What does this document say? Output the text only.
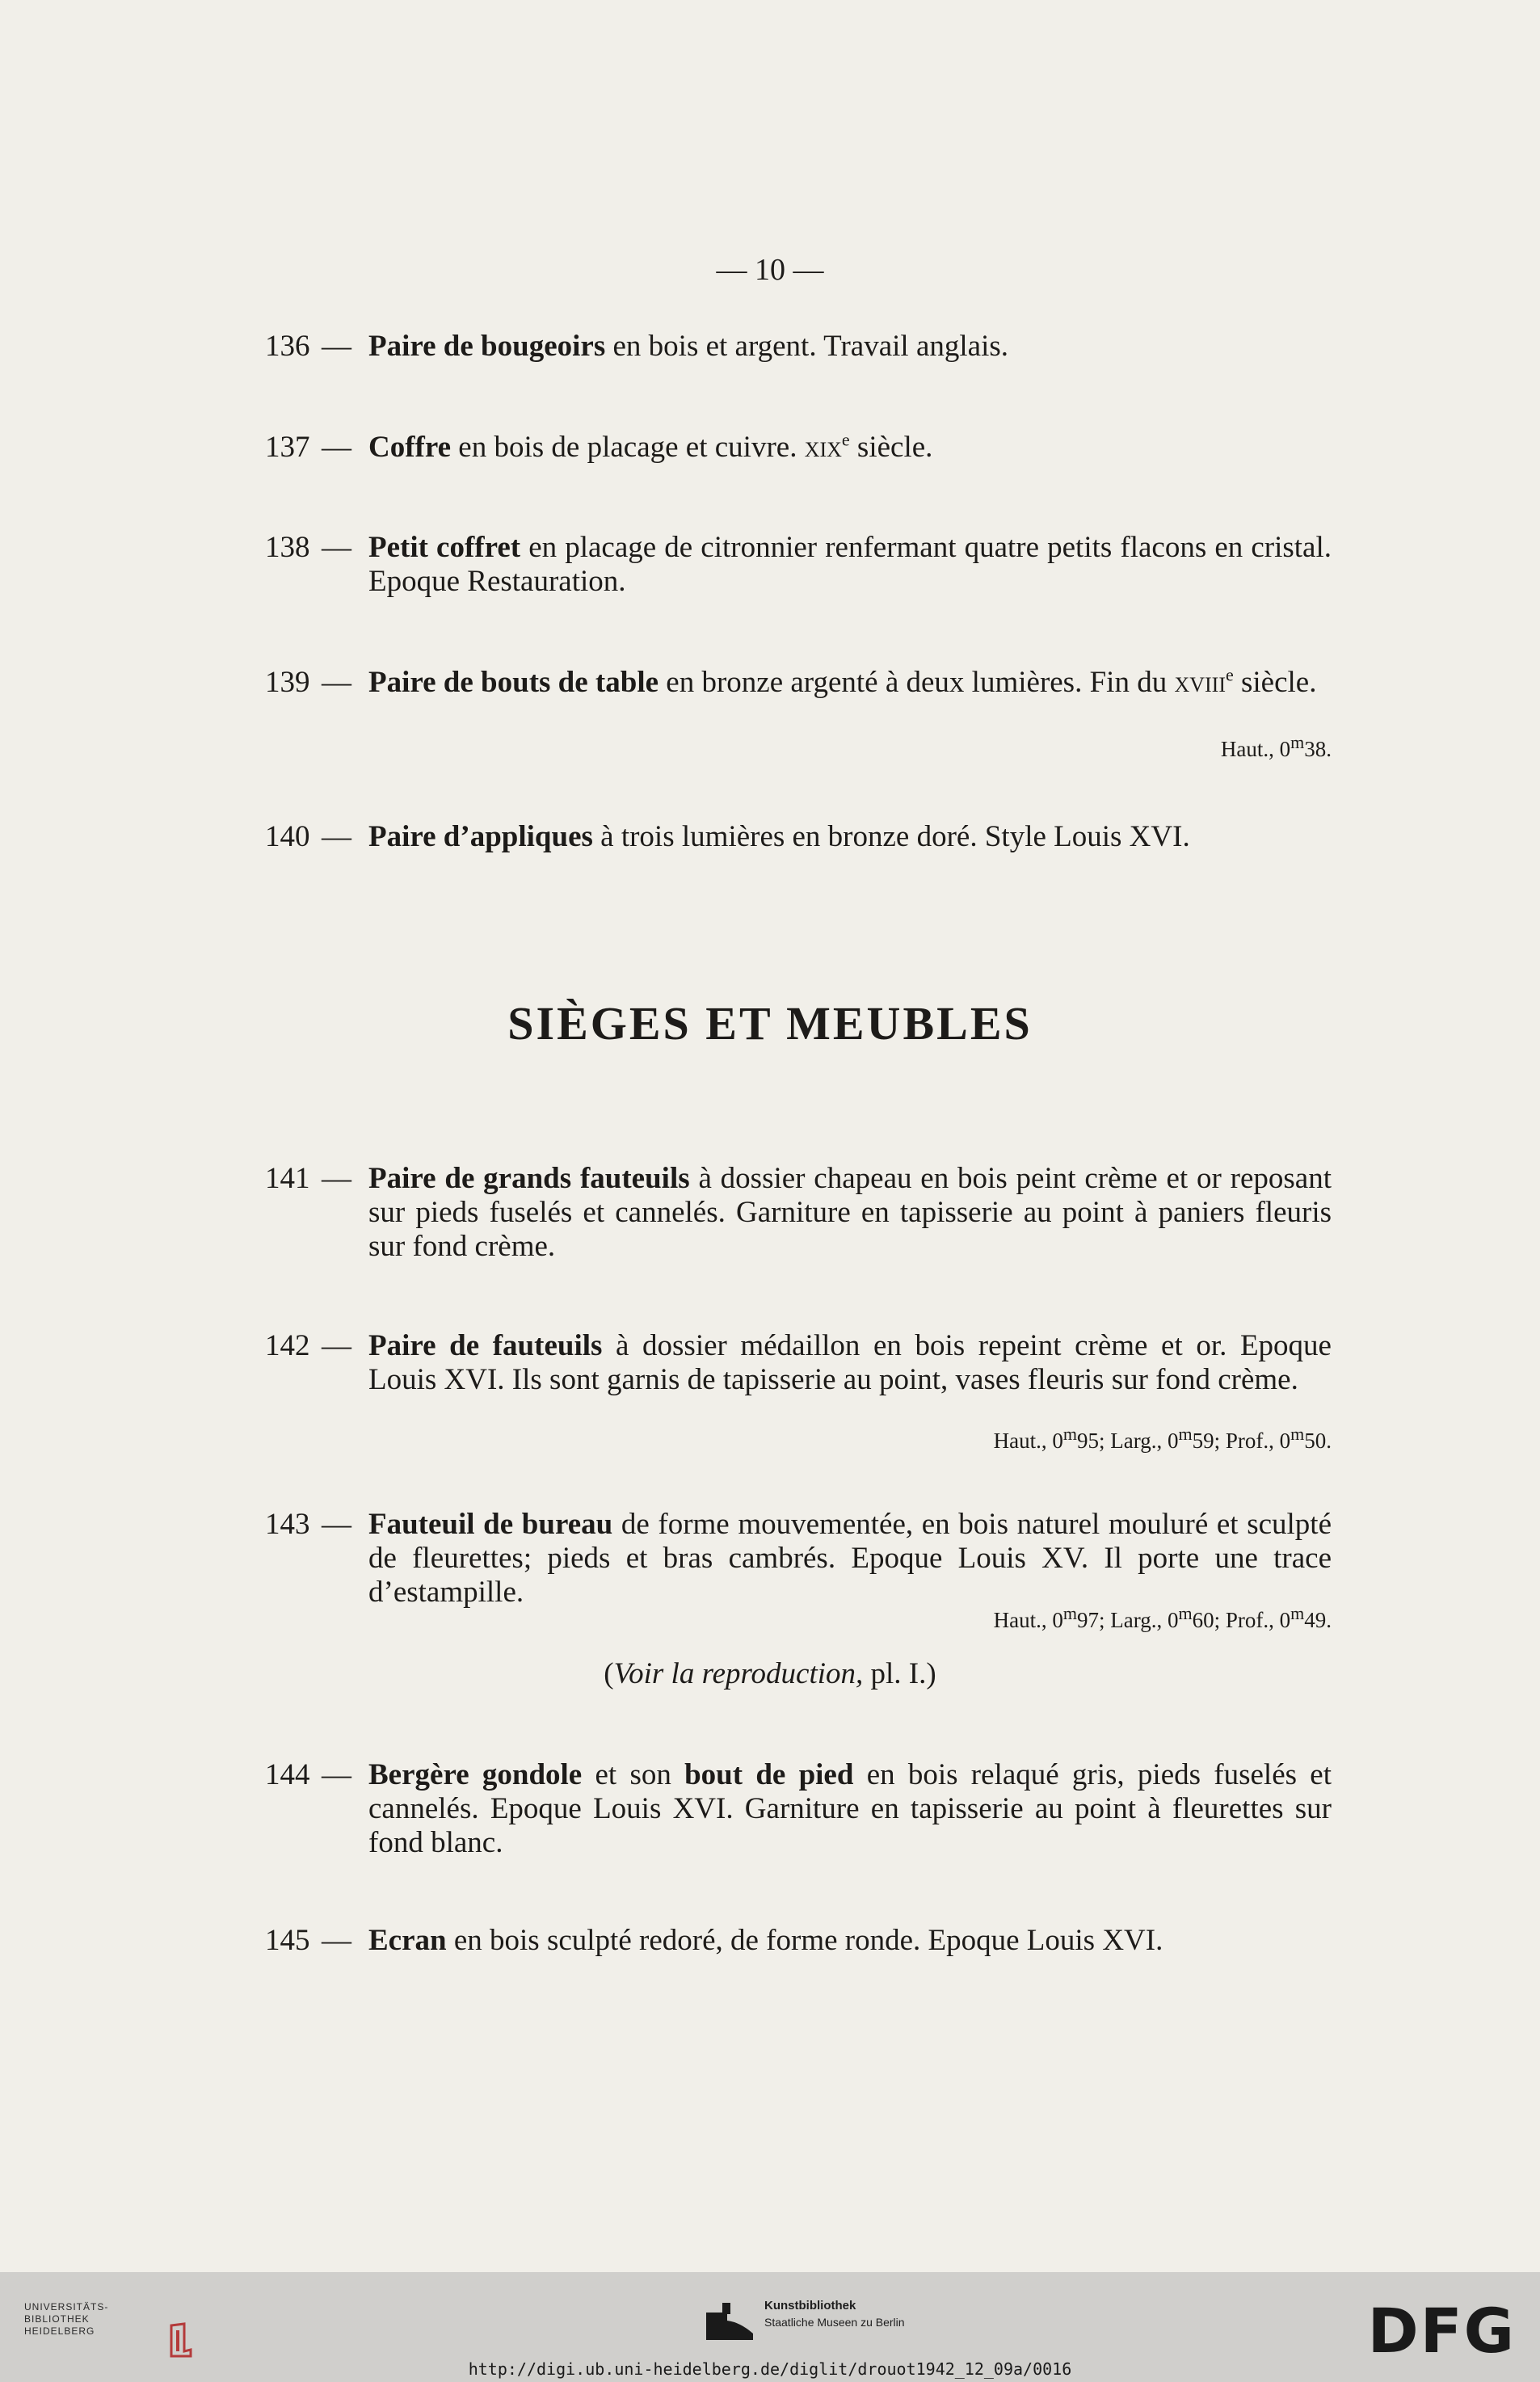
— 10 —

136 — Paire de bougeoirs en bois et argent. Travail anglais.

137 — Coffre en bois de placage et cuivre. xix$^e$ siècle.

138 — Petit coffret en placage de citronnier renfermant quatre petits flacons en cristal. Epoque Restauration.

139 — Paire de bouts de table en bronze argenté à deux lumières. Fin du xviii$^e$ siècle.

Haut., 0$^m$38.

140 — Paire d’appliques à trois lumières en bronze doré. Style Louis XVI.

SIÈGES ET MEUBLES

141 — Paire de grands fauteuils à dossier chapeau en bois peint crème et or reposant sur pieds fuselés et cannelés. Garniture en tapisserie au point à paniers fleuris sur fond crème.

142 — Paire de fauteuils à dossier médaillon en bois repeint crème et or. Epoque Louis XVI. Ils sont garnis de tapisserie au point, vases fleuris sur fond crème.

Haut., 0$^m$95; Larg., 0$^m$59; Prof., 0$^m$50.

143 — Fauteuil de bureau de forme mouvementée, en bois naturel mouluré et sculpté de fleurettes; pieds et bras cambrés. Epoque Louis XV. Il porte une trace d’estampille.

Haut., 0$^m$97; Larg., 0$^m$60; Prof., 0$^m$49.
(Voir la reproduction, pl. I.)

144 — Bergère gondole et son bout de pied en bois relaqué gris, pieds fuselés et cannelés. Epoque Louis XVI. Garniture en tapisserie au point à fleurettes sur fond blanc.

145 — Ecran en bois sculpté redoré, de forme ronde. Epoque Louis XVI.

UNIVERSITÄTS-
BIBLIOTHEK
HEIDELBERG
Kunstbibliothek
Staatliche Museen zu Berlin	DFG
http://digi.ub.uni-heidelberg.de/diglit/drouot1942_12_09a/0016
